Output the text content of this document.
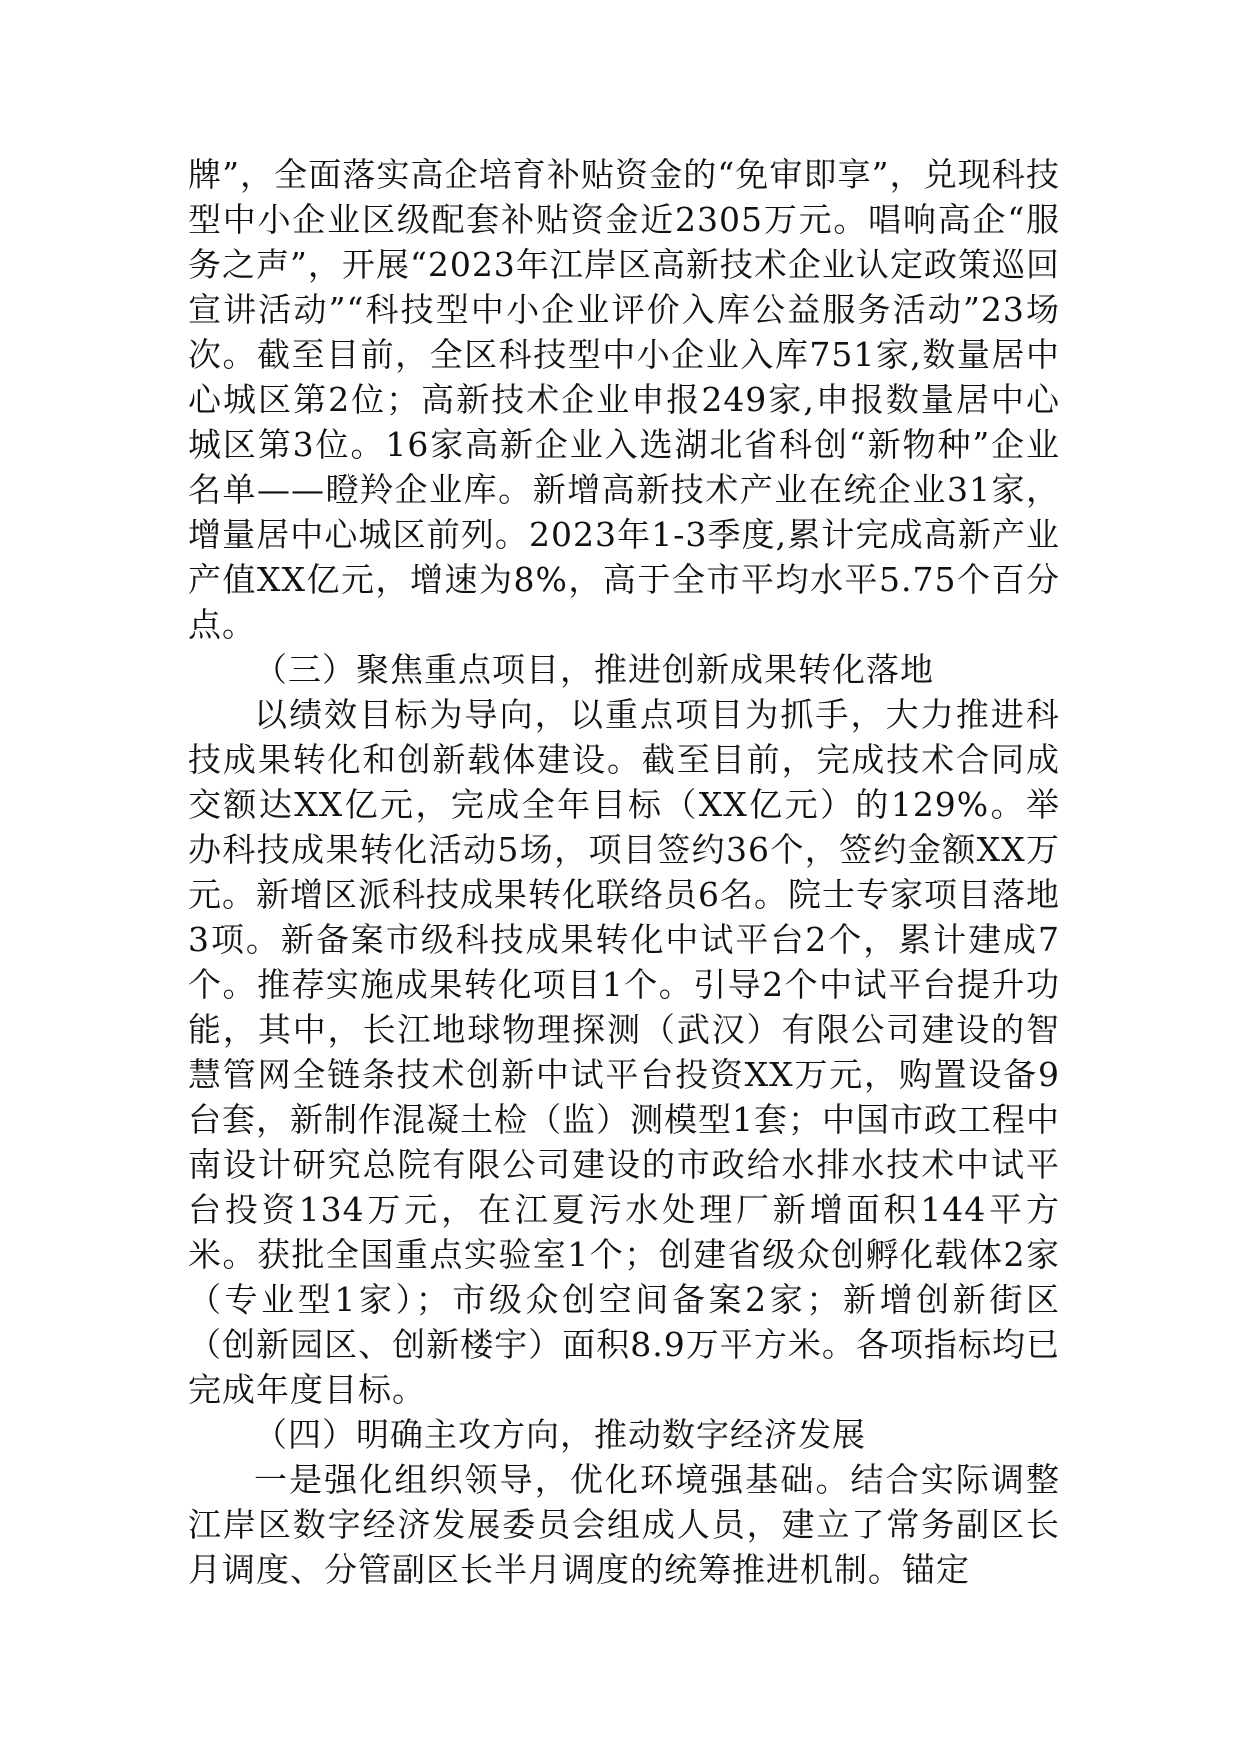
牌”，全面落实高企培育补贴资金的“免审即享”，兑现科技型中小企业区级配套补贴资金近2305万元。唱响高企“服务之声”，开展“2023年江岸区高新技术企业认定政策巡回宣讲活动”“科技型中小企业评价入库公益服务活动”23场次。截至目前，全区科技型中小企业入库751家,数量居中心城区第2位；高新技术企业申报249家,申报数量居中心城区第3位。16家高新企业入选湖北省科创“新物种”企业名单——瞪羚企业库。新增高新技术产业在统企业31家，增量居中心城区前列。2023年1-3季度,累计完成高新产业产值XX亿元，增速为8%，高于全市平均水平5.75个百分点。

（三）聚焦重点项目，推进创新成果转化落地

以绩效目标为导向，以重点项目为抓手，大力推进科技成果转化和创新载体建设。截至目前，完成技术合同成交额达XX亿元，完成全年目标（XX亿元）的129%。举办科技成果转化活动5场，项目签约36个，签约金额XX万元。新增区派科技成果转化联络员6名。院士专家项目落地3项。新备案市级科技成果转化中试平台2个，累计建成7个。推荐实施成果转化项目1个。引导2个中试平台提升功能，其中，长江地球物理探测（武汉）有限公司建设的智慧管网全链条技术创新中试平台投资XX万元，购置设备9台套，新制作混凝土检（监）测模型1套；中国市政工程中南设计研究总院有限公司建设的市政给水排水技术中试平台投资134万元，在江夏污水处理厂新增面积144平方米。获批全国重点实验室1个；创建省级众创孵化载体2家（专业型1家）；市级众创空间备案2家；新增创新街区（创新园区、创新楼宇）面积8.9万平方米。各项指标均已完成年度目标。

（四）明确主攻方向，推动数字经济发展

一是强化组织领导，优化环境强基础。结合实际调整江岸区数字经济发展委员会组成人员，建立了常务副区长月调度、分管副区长半月调度的统筹推进机制。锚定
